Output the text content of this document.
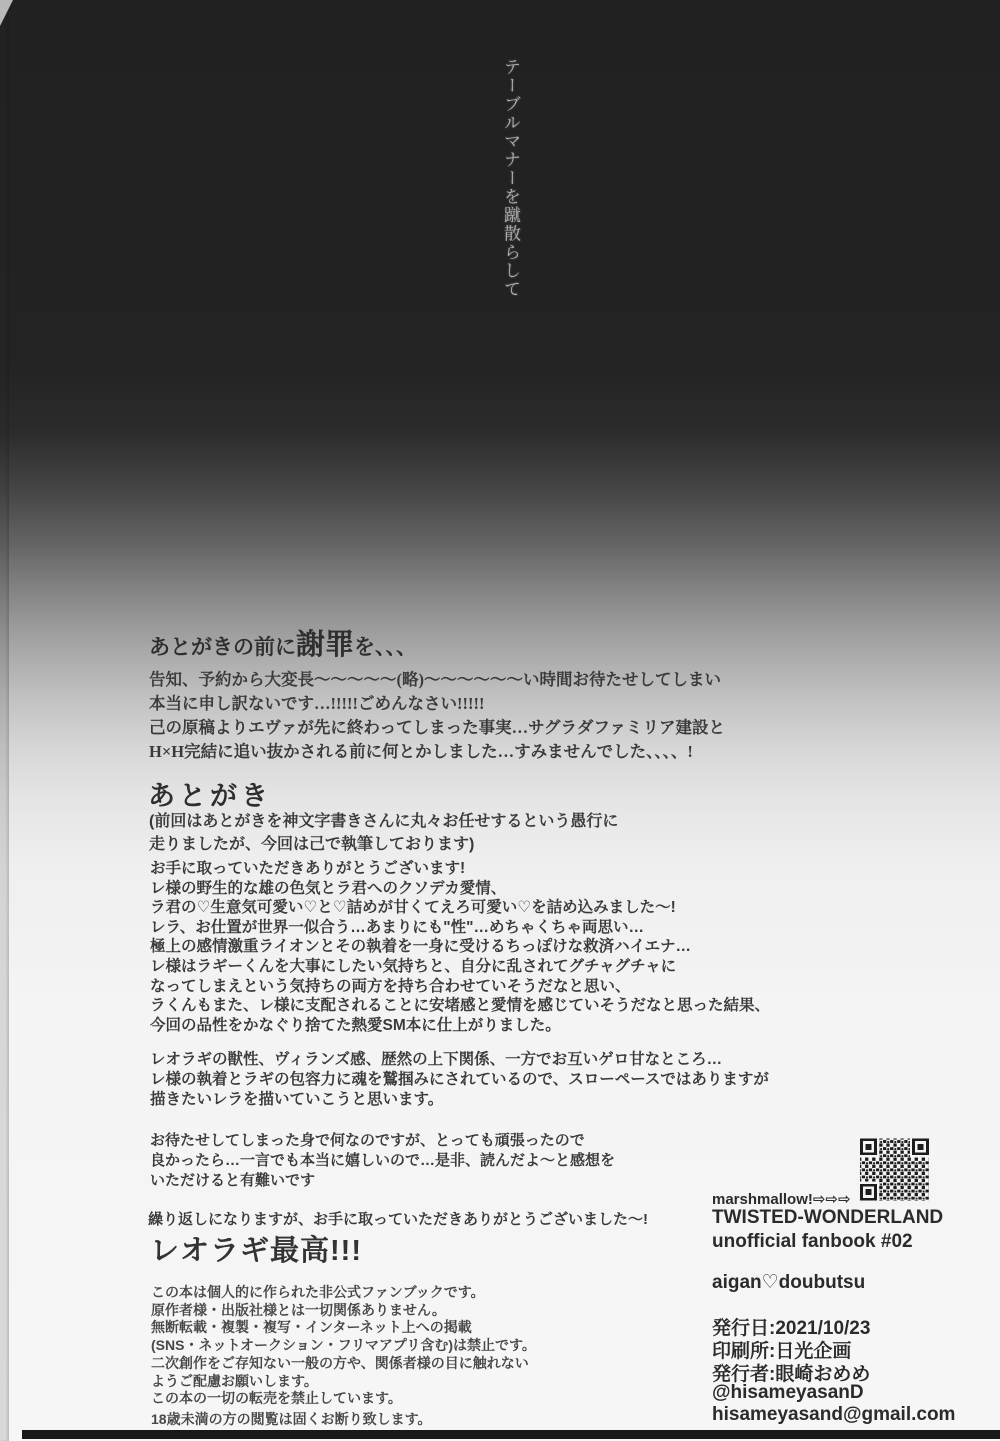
テーブルマナーを蹴散らして
あとがきの前に謝罪を、、、
告知、予約から大変長〜〜〜〜〜(略)〜〜〜〜〜〜い時間お待たせしてしまい
本当に申し訳ないです…!!!!!ごめんなさい!!!!!
己の原稿よりエヴァが先に終わってしまった事実…サグラダファミリア建設と
H×H完結に追い抜かされる前に何とかしました…すみませんでした、、、、!
あとがき
(前回はあとがきを神文字書きさんに丸々お任せするという愚行に
走りましたが、今回は己で執筆しております)
お手に取っていただきありがとうございます!
レ様の野生的な雄の色気とラ君へのクソデカ愛情、
ラ君の♡生意気可愛い♡と♡詰めが甘くてえろ可愛い♡を詰め込みました〜!
レラ、お仕置が世界一似合う…あまりにも"性"…めちゃくちゃ両思い…
極上の感情激重ライオンとその執着を一身に受けるちっぽけな救済ハイエナ…
レ様はラギーくんを大事にしたい気持ちと、自分に乱されてグチャグチャに
なってしまえという気持ちの両方を持ち合わせていそうだなと思い、
ラくんもまた、レ様に支配されることに安堵感と愛情を感じていそうだなと思った結果、
今回の品性をかなぐり捨てた熱愛SM本に仕上がりました。
レオラギの獣性、ヴィランズ感、歴然の上下関係、一方でお互いゲロ甘なところ…
レ様の執着とラギの包容力に魂を鷲掴みにされているので、スローペースではありますが
描きたいレラを描いていこうと思います。
お待たせしてしまった身で何なのですが、とっても頑張ったので
良かったら…一言でも本当に嬉しいので…是非、読んだよ〜と感想を
いただけると有難いです
繰り返しになりますが、お手に取っていただきありがとうございました〜!
レオラギ最高!!!
この本は個人的に作られた非公式ファンブックです。
原作者様・出版社様とは一切関係ありません。
無断転載・複製・複写・インターネット上への掲載
(SNS・ネットオークション・フリマアプリ含む)は禁止です。
二次創作をご存知ない一般の方や、関係者様の目に触れない
ようご配慮お願いします。
この本の一切の転売を禁止しています。
18歳未満の方の閲覧は固くお断り致します。
marshmallow!⇨⇨⇨
TWISTED-WONDERLAND
unofficial fanbook #02
aigan♡doubutsu
発行日:2021/10/23
印刷所:日光企画
発行者:眼崎おめめ
@hisameyasanD
hisameyasand@gmail.com
